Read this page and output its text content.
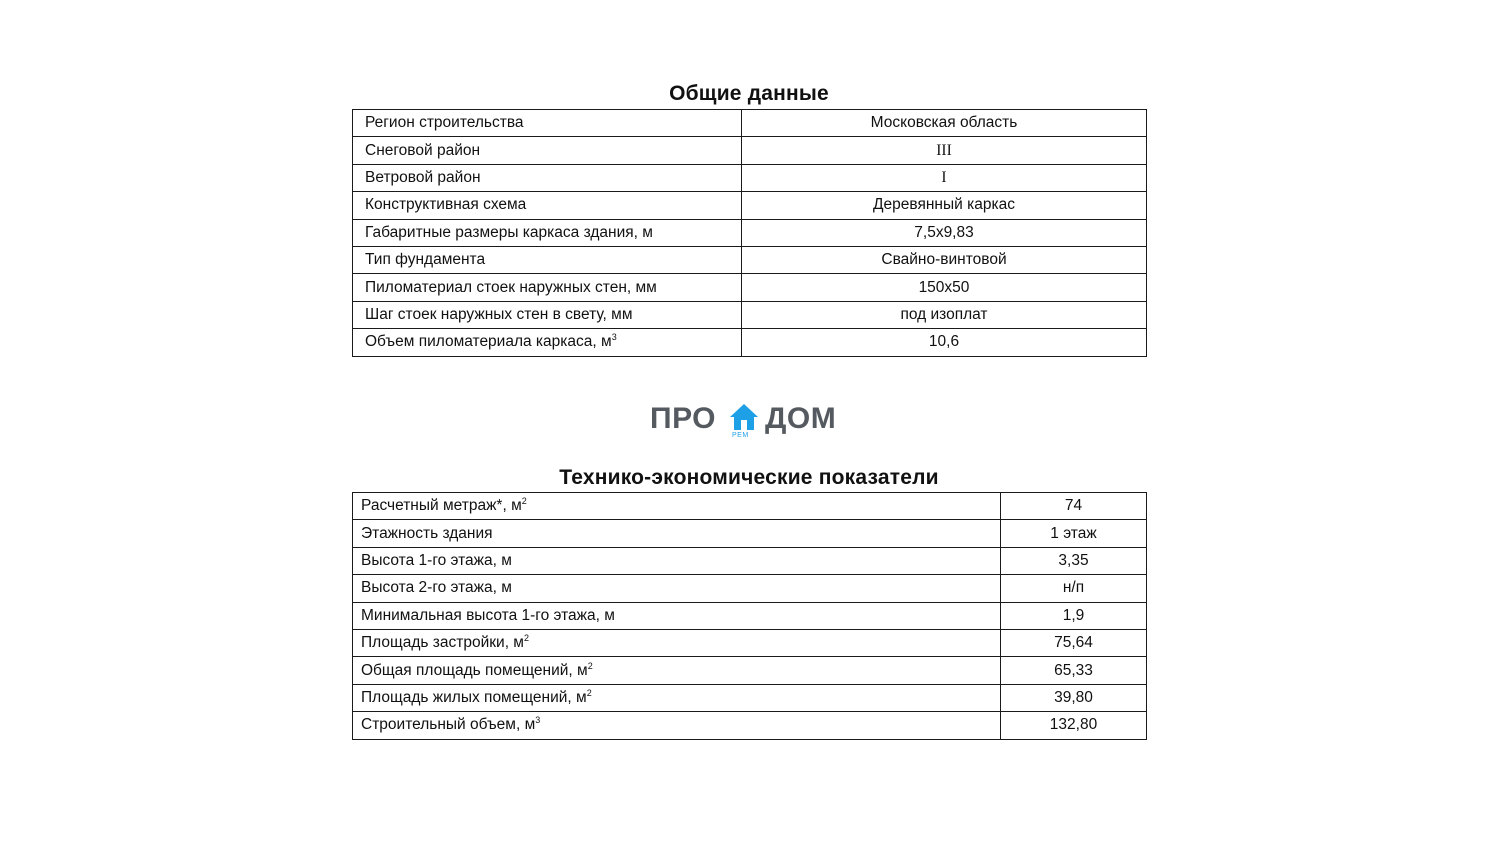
Общие данные
Регион строительства	Московская область
Снеговой район	III
Ветровой район	I
Конструктивная схема	Деревянный каркас
Габаритные размеры каркаса здания, м	7,5х9,83
Тип фундамента	Свайно-винтовой
Пиломатериал стоек наружных стен, мм	150х50
Шаг стоек наружных стен в свету, мм	под изоплат
Объем пиломатериала каркаса, $м^3$	10,6
ПРО
РЕМ
ДОМ
Технико-экономические показатели
Расчетный метраж*, $м^2$	74
Этажность здания	1 этаж
Высота 1-го этажа, м	3,35
Высота 2-го этажа, м	н/п
Минимальная высота 1-го этажа, м	1,9
Площадь застройки, $м^2$	75,64
Общая площадь помещений, $м^2$	65,33
Площадь жилых помещений, $м^2$	39,80
Строительный объем, $м^3$	132,80
